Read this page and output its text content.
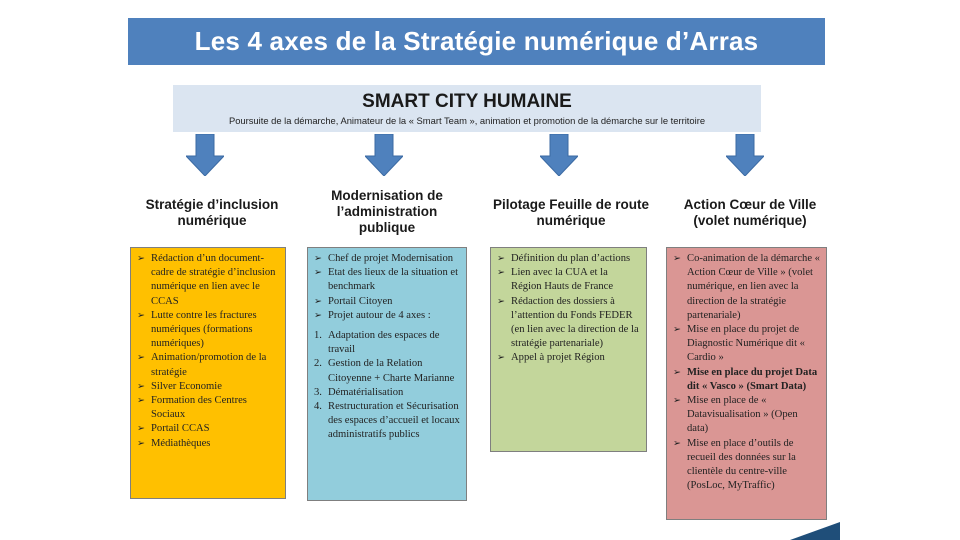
Les 4 axes de la Stratégie numérique d’Arras
SMART CITY HUMAINE
Poursuite de la démarche, Animateur de la « Smart Team », animation et promotion de la démarche sur le territoire
Stratégie d’inclusion
numérique
Modernisation de
l’administration
publique
Pilotage Feuille de route
numérique
Action Cœur de Ville
(volet numérique)
➢ Rédaction d’un document-cadre de stratégie d’inclusion numérique en lien avec le CCAS
➢ Lutte contre les fractures numériques (formations numériques)
➢ Animation/promotion de la stratégie
➢ Silver Economie
➢ Formation des Centres Sociaux
➢ Portail CCAS
➢ Médiathèques
➢ Chef de projet Modernisation
➢ Etat des lieux de la situation et benchmark
➢ Portail Citoyen
➢ Projet autour de 4 axes :
1. Adaptation des espaces de travail
2. Gestion de la Relation Citoyenne + Charte Marianne
3. Dématérialisation
4. Restructuration et Sécurisation des espaces d’accueil et locaux administratifs publics
➢ Définition du plan d’actions
➢ Lien avec la CUA et la Région Hauts de France
➢ Rédaction des dossiers à l’attention du Fonds FEDER (en lien avec la direction de la stratégie partenariale)
➢ Appel à projet Région
➢ Co-animation de la démarche « Action Cœur de Ville » (volet numérique, en lien avec la direction de la stratégie partenariale)
➢ Mise en place du projet de Diagnostic Numérique dit « Cardio »
➢ Mise en place du projet Data dit « Vasco » (Smart Data)
➢ Mise en place de « Datavisualisation » (Open data)
➢ Mise en place d’outils de recueil des données sur la clientèle du centre-ville (PosLoc, MyTraffic)
